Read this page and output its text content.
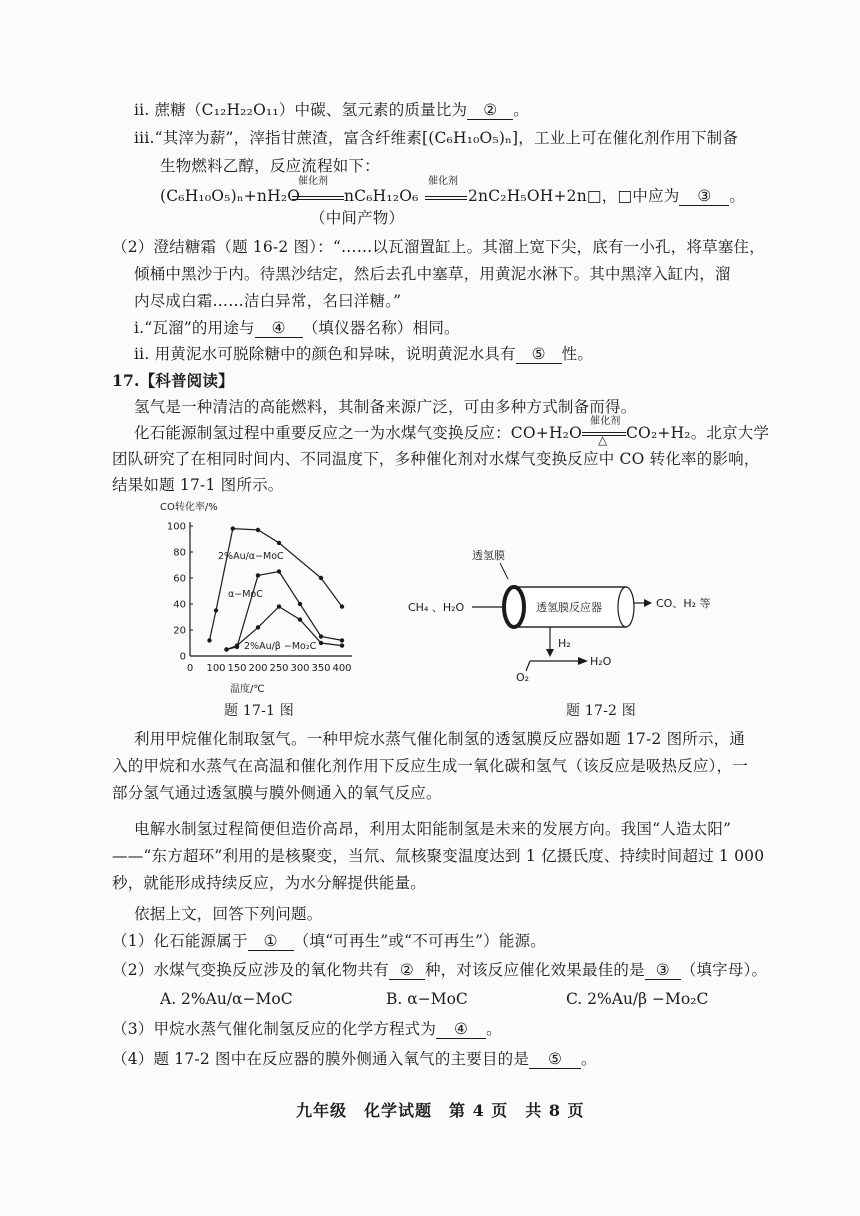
ii. 蔗糖（C₁₂H₂₂O₁₁）中碳、氢元素的质量比为 ② 。
iii.“其滓为薪”，滓指甘蔗渣，富含纤维素[(C₆H₁₀O₅)ₙ]，工业上可在催化剂作用下制备
生物燃料乙醇，反应流程如下：
(C₆H₁₀O₅)ₙ+nH₂O
催化剂
nC₆H₁₂O₆
催化剂
2nC₂H₅OH+2n□，□中应为 ③ 。
（中间产物）
（2）澄结糖霜（题 16-2 图）：“……以瓦溜置缸上。其溜上宽下尖，底有一小孔，将草塞住，
倾桶中黑沙于内。待黑沙结定，然后去孔中塞草，用黄泥水淋下。其中黑滓入缸内，溜
内尽成白霜……洁白异常，名曰洋糖。”
i.“瓦溜”的用途与 ④ （填仪器名称）相同。
ii. 用黄泥水可脱除糖中的颜色和异味，说明黄泥水具有 ⑤ 性。
17.【科普阅读】
氢气是一种清洁的高能燃料，其制备来源广泛，可由多种方式制备而得。
化石能源制氢过程中重要反应之一为水煤气变换反应：CO+H₂O
催化剂
△ CO₂+H₂。北京大学
团队研究了在相同时间内、不同温度下，多种催化剂对水煤气变换反应中 CO 转化率的影响，
结果如题 17-1 图所示。
CO转化率/%
温度/℃
0
20
40
60
80
100
0 100 150 200 250 300 350 400
2%Au/α−MoC
α−MoC
2%Au/β −Mo₂C
题 17-1 图
透氢膜
CH₄ 、H₂O	透氢膜反应器	CO、H₂ 等
H₂
O₂
H₂O
题 17-2 图
利用甲烷催化制取氢气。一种甲烷水蒸气催化制氢的透氢膜反应器如题 17-2 图所示，通
入的甲烷和水蒸气在高温和催化剂作用下反应生成一氧化碳和氢气（该反应是吸热反应），一
部分氢气通过透氢膜与膜外侧通入的氧气反应。
电解水制氢过程简便但造价高昂，利用太阳能制氢是未来的发展方向。我国“人造太阳”
——“东方超环”利用的是核聚变，当氘、氚核聚变温度达到 1 亿摄氏度、持续时间超过 1 000
秒，就能形成持续反应，为水分解提供能量。
依据上文，回答下列问题。
（1）化石能源属于 ① （填“可再生”或“不可再生”）能源。
（2）水煤气变换反应涉及的氧化物共有 ② 种，对该反应催化效果最佳的是 ③ （填字母）。
A. 2%Au/α−MoC	B. α−MoC	C. 2%Au/β −Mo₂C
（3）甲烷水蒸气催化制氢反应的化学方程式为 ④ 。
（4）题 17-2 图中在反应器的膜外侧通入氧气的主要目的是 ⑤ 。
九年级　化学试题　第 4 页　共 8 页
